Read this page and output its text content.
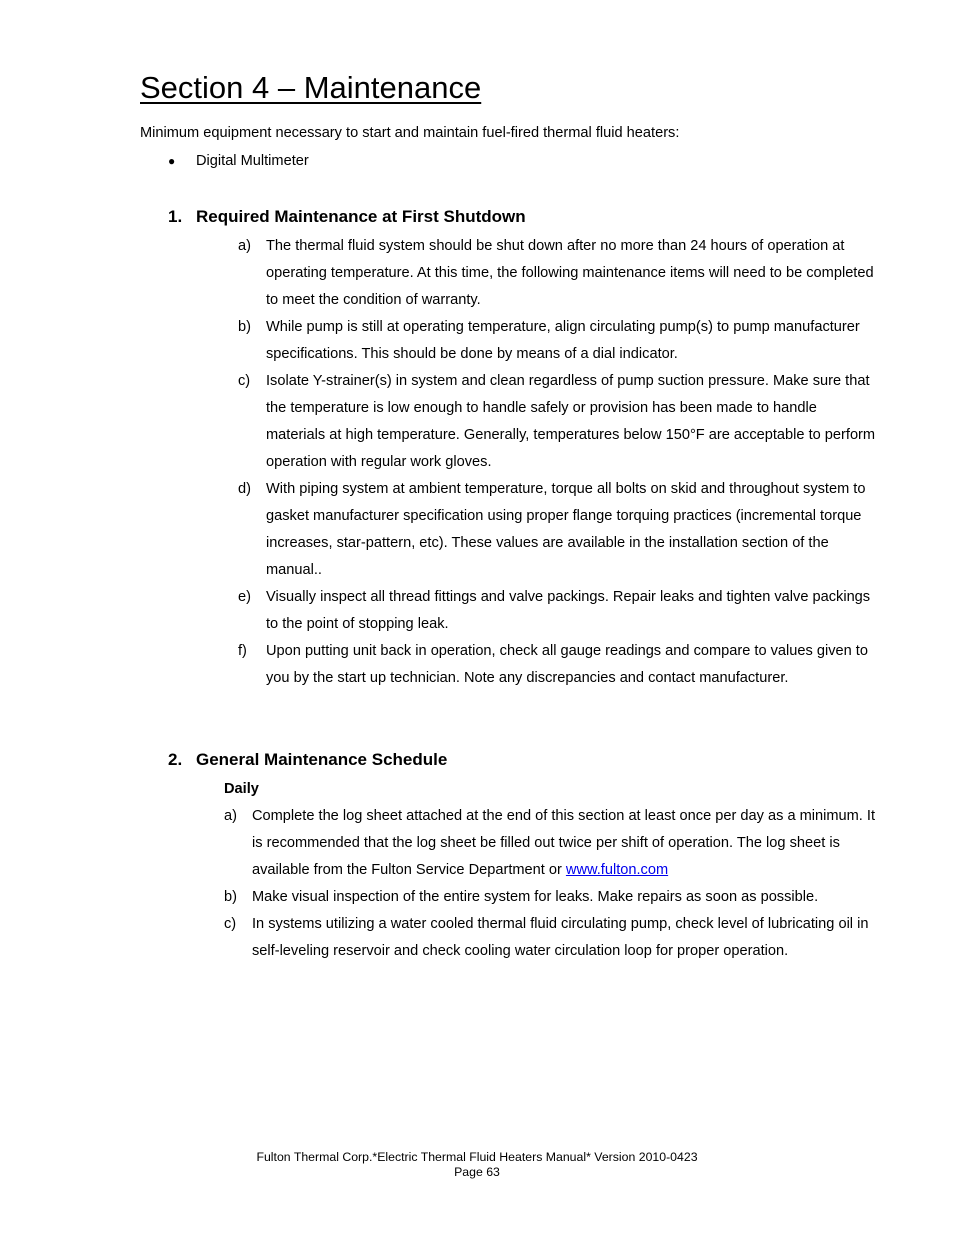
Section 4 – Maintenance
Minimum equipment necessary to start and maintain fuel-fired thermal fluid heaters:
●	Digital Multimeter
1. Required Maintenance at First Shutdown
a)	The thermal fluid system should be shut down after no more than 24 hours of operation at operating temperature. At this time, the following maintenance items will need to be completed to meet the condition of warranty.
b)	While pump is still at operating temperature, align circulating pump(s) to pump manufacturer specifications. This should be done by means of a dial indicator.
c)	Isolate Y-strainer(s) in system and clean regardless of pump suction pressure. Make sure that the temperature is low enough to handle safely or provision has been made to handle materials at high temperature. Generally, temperatures below 150°F are acceptable to perform operation with regular work gloves.
d)	With piping system at ambient temperature, torque all bolts on skid and throughout system to gasket manufacturer specification using proper flange torquing practices (incremental torque increases, star-pattern, etc). These values are available in the installation section of the manual..
e)	Visually inspect all thread fittings and valve packings. Repair leaks and tighten valve packings to the point of stopping leak.
f)	Upon putting unit back in operation, check all gauge readings and compare to values given to you by the start up technician. Note any discrepancies and contact manufacturer.
2. General Maintenance Schedule
Daily
a)	Complete the log sheet attached at the end of this section at least once per day as a minimum. It is recommended that the log sheet be filled out twice per shift of operation. The log sheet is available from the Fulton Service Department or www.fulton.com
b)	Make visual inspection of the entire system for leaks. Make repairs as soon as possible.
c)	In systems utilizing a water cooled thermal fluid circulating pump, check level of lubricating oil in self-leveling reservoir and check cooling water circulation loop for proper operation.
Fulton Thermal Corp.*Electric Thermal Fluid Heaters Manual* Version 2010-0423
Page 63
